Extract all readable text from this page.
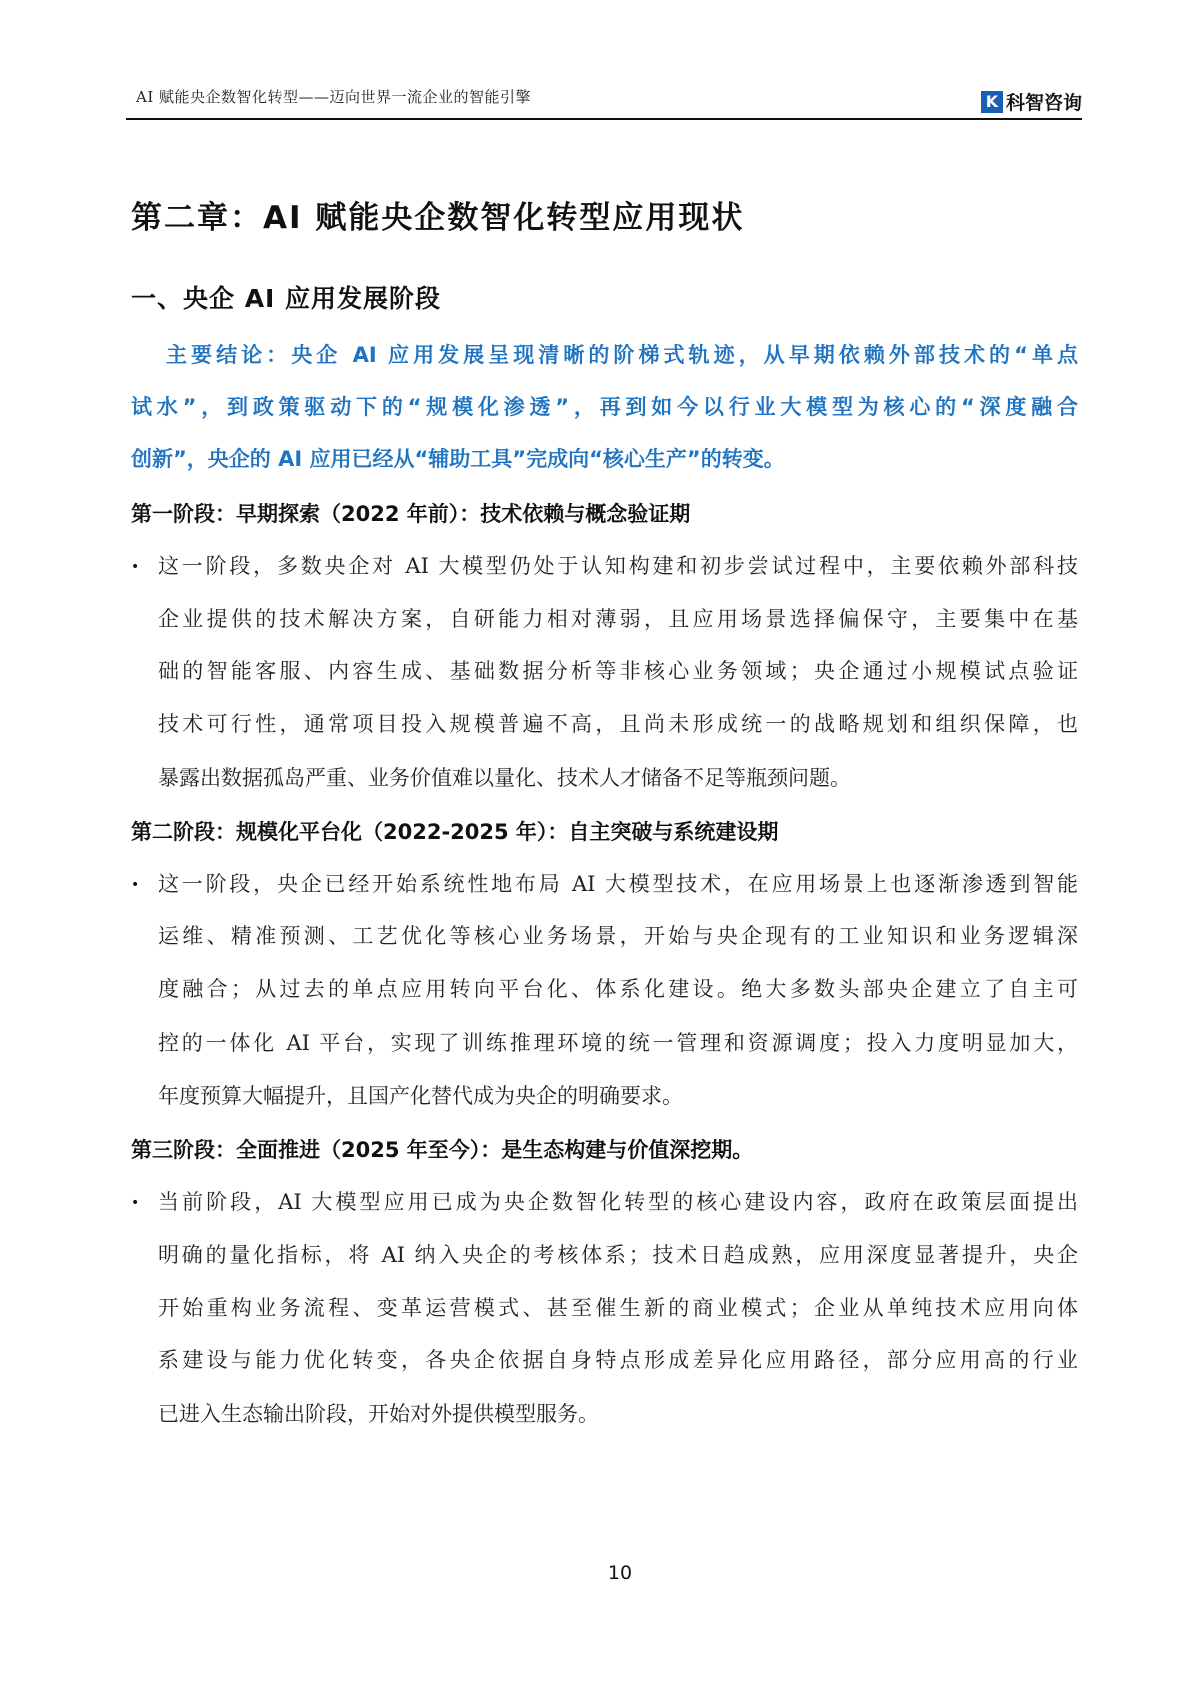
AI 赋能央企数智化转型——迈向世界一流企业的智能引擎	K 科智咨询
第二章：AI 赋能央企数智化转型应用现状
一、央企 AI 应用发展阶段
主要结论：央企 AI 应用发展呈现清晰的阶梯式轨迹，从早期依赖外部技术的“单点
试水”，到政策驱动下的“规模化渗透”，再到如今以行业大模型为核心的“深度融合
创新”，央企的 AI 应用已经从“辅助工具”完成向“核心生产”的转变。
第一阶段：早期探索（2022 年前）：技术依赖与概念验证期
• 这一阶段，多数央企对 AI 大模型仍处于认知构建和初步尝试过程中，主要依赖外部科技
企业提供的技术解决方案，自研能力相对薄弱，且应用场景选择偏保守，主要集中在基
础的智能客服、内容生成、基础数据分析等非核心业务领域；央企通过小规模试点验证
技术可行性，通常项目投入规模普遍不高，且尚未形成统一的战略规划和组织保障，也
暴露出数据孤岛严重、业务价值难以量化、技术人才储备不足等瓶颈问题。
第二阶段：规模化平台化（2022-2025 年）：自主突破与系统建设期
• 这一阶段，央企已经开始系统性地布局 AI 大模型技术，在应用场景上也逐渐渗透到智能
运维、精准预测、工艺优化等核心业务场景，开始与央企现有的工业知识和业务逻辑深
度融合；从过去的单点应用转向平台化、体系化建设。绝大多数头部央企建立了自主可
控的一体化 AI 平台，实现了训练推理环境的统一管理和资源调度；投入力度明显加大，
年度预算大幅提升，且国产化替代成为央企的明确要求。
第三阶段：全面推进（2025 年至今）：是生态构建与价值深挖期。
• 当前阶段，AI 大模型应用已成为央企数智化转型的核心建设内容，政府在政策层面提出
明确的量化指标，将 AI 纳入央企的考核体系；技术日趋成熟，应用深度显著提升，央企
开始重构业务流程、变革运营模式、甚至催生新的商业模式；企业从单纯技术应用向体
系建设与能力优化转变，各央企依据自身特点形成差异化应用路径，部分应用高的行业
已进入生态输出阶段，开始对外提供模型服务。
10
